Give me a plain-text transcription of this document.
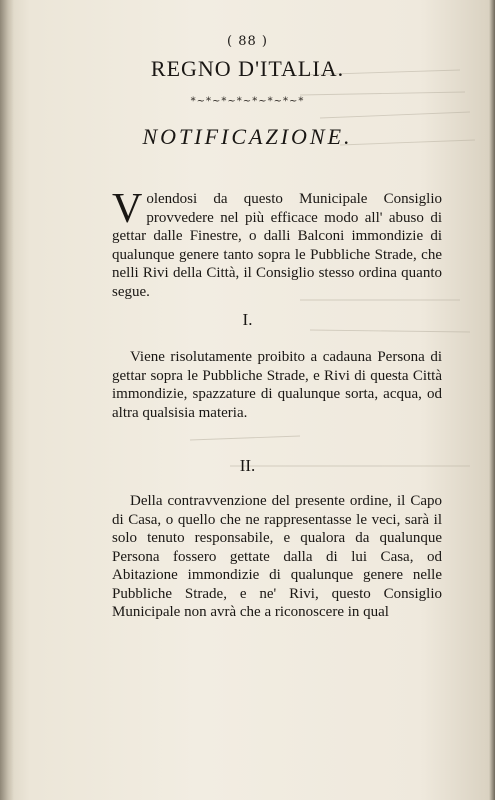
( 88 )
REGNO D'ITALIA.
*~*~*~*~*~*~*~*
NOTIFICAZIONE.
V olendosi da questo Municipale Consiglio provvedere nel più efficace modo all' abuso di gettar dalle Finestre, o dalli Balconi immondizie di qualunque genere tanto sopra le Pubbliche Strade, che nelli Rivi della Città, il Consiglio stesso ordina quanto segue.
I.
Viene risolutamente proibito a cadauna Persona di gettar sopra le Pubbliche Strade, e Rivi di questa Città immondizie, spazzature di qualunque sorta, acqua, od altra qualsisia materia.
II.
Della contravvenzione del presente ordine, il Capo di Casa, o quello che ne rappresentasse le veci, sarà il solo tenuto responsabile, e qualora da qualunque Persona fossero gettate dalla di lui Casa, od Abitazione immondizie di qualunque genere nelle Pubbliche Strade, e ne' Rivi, questo Consiglio Municipale non avrà che a riconoscere in qual
